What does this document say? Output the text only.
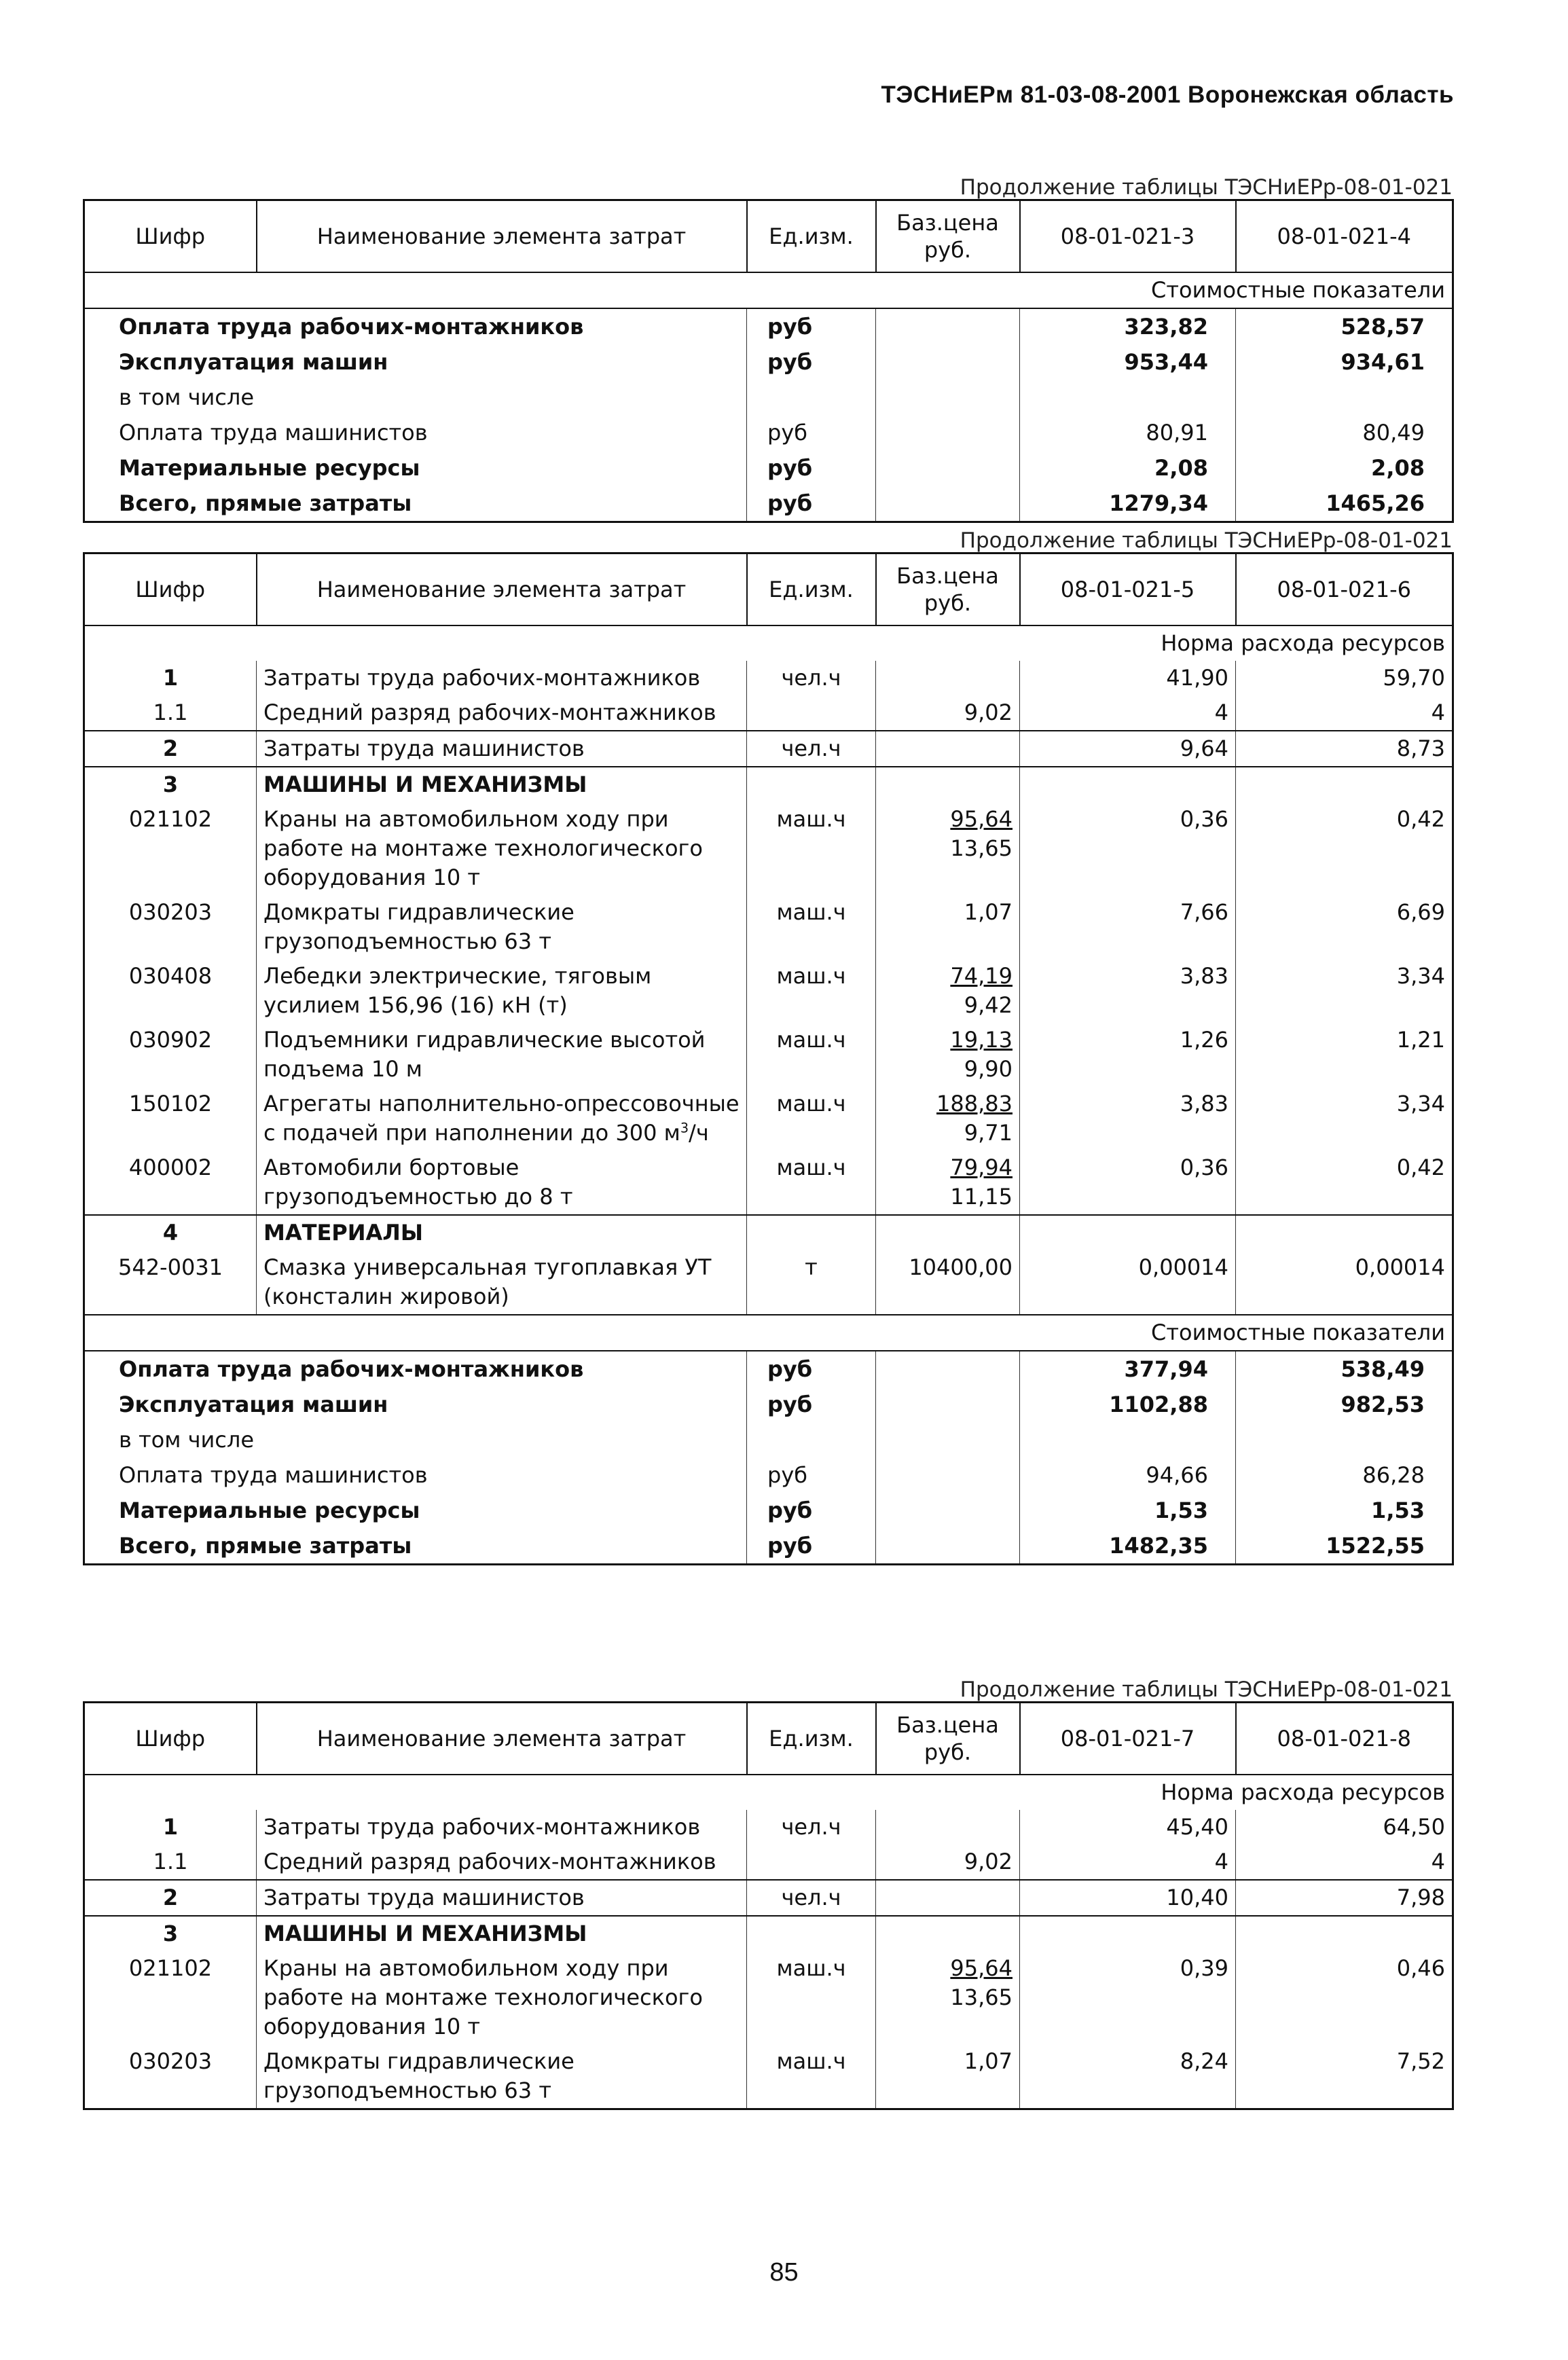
ТЭСНиЕРм 81-03-08-2001 Воронежская область
Продолжение таблицы ТЭСНиЕРр-08-01-021
Шифр	Наименование элемента затрат	Ед.изм.	Баз.цена руб.	08-01-021-3	08-01-021-4
Стоимостные показатели					
Оплата труда рабочих-монтажников		руб		323,82	528,57
Эксплуатация машин		руб		953,44	934,61
в том числе					
Оплата труда машинистов		руб		80,91	80,49
Материальные ресурсы		руб		2,08	2,08
Всего, прямые затраты		руб		1279,34	1465,26
Продолжение таблицы ТЭСНиЕРр-08-01-021
Шифр	Наименование элемента затрат	Ед.изм.	Баз.цена руб.	08-01-021-5	08-01-021-6
Норма расхода ресурсов					
1	Затраты труда рабочих-монтажников	чел.ч		41,90	59,70
1.1	Средний разряд рабочих-монтажников		9,02	4	4
2	Затраты труда машинистов	чел.ч		9,64	8,73
3	МАШИНЫ И МЕХАНИЗМЫ				
021102	Краны на автомобильном ходу при работе на монтаже технологического оборудования 10 т	маш.ч	$\frac{95,64}{13,65}$	0,36	0,42
030203	Домкраты гидравлические грузоподъемностью 63 т	маш.ч	1,07	7,66	6,69
030408	Лебедки электрические, тяговым усилием 156,96 (16) кН (т)	маш.ч	$\frac{74,19}{9,42}$	3,83	3,34
030902	Подъемники гидравлические высотой подъема 10 м	маш.ч	$\frac{19,13}{9,90}$	1,26	1,21
150102	Агрегаты наполнительно-опрессовочные с подачей при наполнении до 300 $м^3/ч$	маш.ч	$\frac{188,83}{9,71}$	3,83	3,34
400002	Автомобили бортовые грузоподъемностью до 8 т	маш.ч	$\frac{79,94}{11,15}$	0,36	0,42
4	МАТЕРИАЛЫ				
542-0031	Смазка универсальная тугоплавкая УТ (консталин жировой)	т	10400,00	0,00014	0,00014
Стоимостные показатели					
Оплата труда рабочих-монтажников		руб		377,94	538,49
Эксплуатация машин		руб		1102,88	982,53
в том числе					
Оплата труда машинистов		руб		94,66	86,28
Материальные ресурсы		руб		1,53	1,53
Всего, прямые затраты		руб		1482,35	1522,55
Продолжение таблицы ТЭСНиЕРр-08-01-021
Шифр	Наименование элемента затрат	Ед.изм.	Баз.цена руб.	08-01-021-7	08-01-021-8
Норма расхода ресурсов					
1	Затраты труда рабочих-монтажников	чел.ч		45,40	64,50
1.1	Средний разряд рабочих-монтажников		9,02	4	4
2	Затраты труда машинистов	чел.ч		10,40	7,98
3	МАШИНЫ И МЕХАНИЗМЫ				
021102	Краны на автомобильном ходу при работе на монтаже технологического оборудования 10 т	маш.ч	$\frac{95,64}{13,65}$	0,39	0,46
030203	Домкраты гидравлические грузоподъемностью 63 т	маш.ч	1,07	8,24	7,52
85
